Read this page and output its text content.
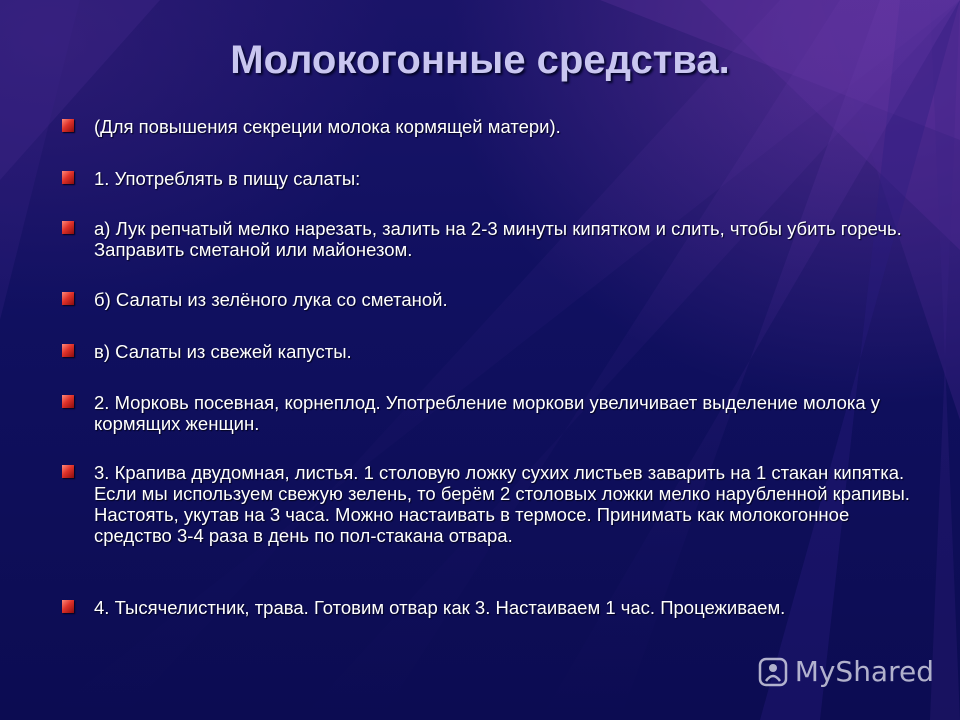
Молокогонные средства.
(Для повышения секреции молока кормящей матери).
1. Употреблять в пищу салаты:
а) Лук репчатый мелко нарезать, залить на 2-3 минуты кипятком и слить, чтобы убить горечь. Заправить сметаной или майонезом.
б) Салаты из зелёного лука со сметаной.
в) Салаты из свежей капусты.
2. Морковь посевная, корнеплод. Употребление моркови увеличивает выделение молока у кормящих женщин.
3. Крапива двудомная, листья. 1 столовую ложку сухих листьев заварить на 1 стакан кипятка. Если мы используем свежую зелень, то берём 2 столовых ложки мелко нарубленной крапивы. Настоять, укутав на 3 часа. Можно настаивать в термосе. Принимать как молокогонное средство 3-4 раза в день по пол-стакана отвара.
4. Тысячелистник, трава. Готовим отвар как 3. Настаиваем 1 час. Процеживаем.
MyShared
